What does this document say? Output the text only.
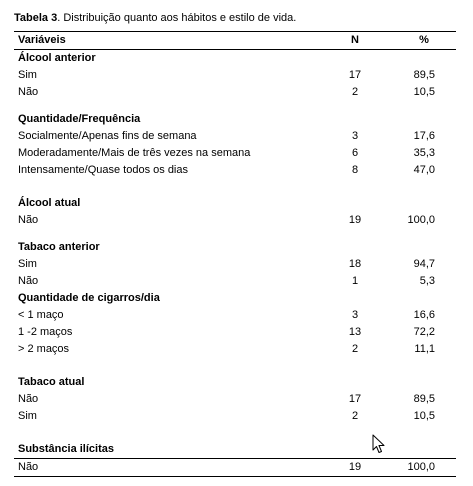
Tabela 3. Distribuição quanto aos hábitos e estilo de vida.
Variáveis	N	%
Álcool anterior
Sim	17	89,5
Não	2	10,5
Quantidade/Frequência
Socialmente/Apenas fins de semana	3	17,6
Moderadamente/Mais de três vezes na semana	6	35,3
Intensamente/Quase todos os dias	8	47,0
Álcool atual
Não	19	100,0
Tabaco anterior
Sim	18	94,7
Não	1	5,3
Quantidade de cigarros/dia
< 1 maço	3	16,6
1 -2 maços	13	72,2
> 2 maços	2	11,1
Tabaco atual
Não	17	89,5
Sim	2	10,5
Substância ilícitas
Não	19	100,0
